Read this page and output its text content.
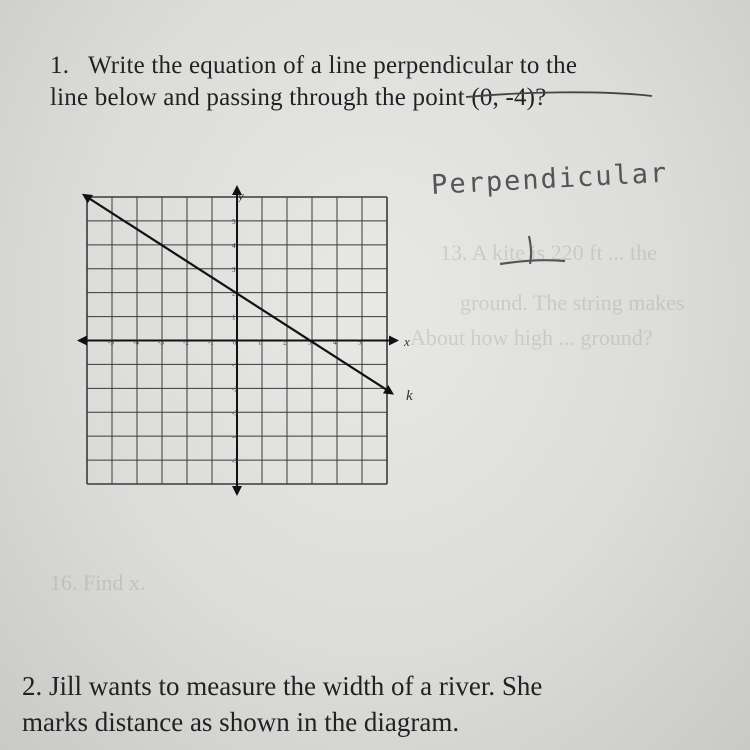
13. A kite is 220 ft ... the
ground. The string makes
About how high ... ground?
16. Find x.
1. Write the equation of a line perpendicular to the
line below and passing through the point (0, -4)?
Perpendicular
-5	-4	-3	-2	-1	0	1	2	3	4	5
5
4
3
2
1
-1
-2
-3
-4
-5
x
y
k
2. Jill wants to measure the width of a river. She
marks distance as shown in the diagram.
